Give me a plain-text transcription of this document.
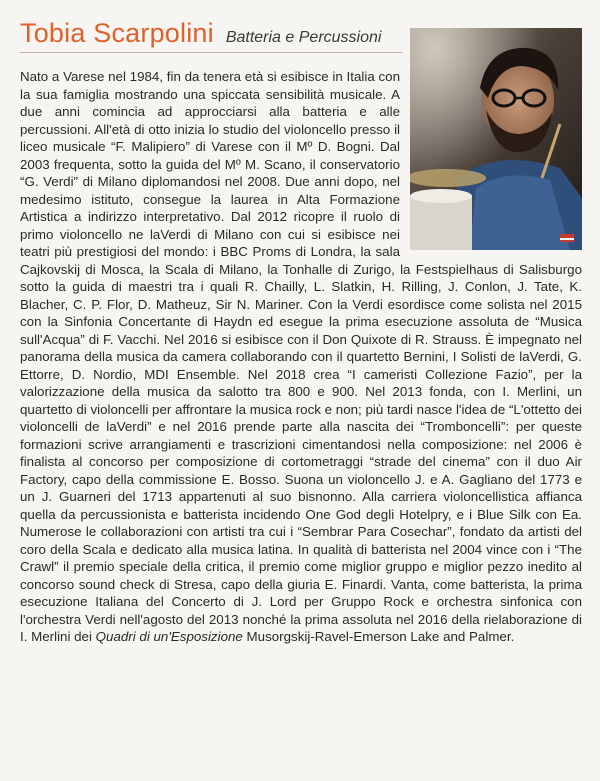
Tobia Scarpolini Batteria e Percussioni

Nato a Varese nel 1984, fin da tenera età si esibisce in Italia con la sua famiglia mostrando una spiccata sensibilità musicale. A due anni comincia ad approcciarsi alla batteria e alle percussioni. All'età di otto inizia lo studio del violoncello presso il liceo musicale “F. Malipiero” di Varese con il Mº D. Bogni. Dal 2003 frequenta, sotto la guida del Mº M. Scano, il conservatorio “G. Verdi” di Milano diplomandosi nel 2008. Due anni dopo, nel medesimo istituto, consegue la laurea in Alta Formazione Artistica a indirizzo interpretativo. Dal 2012 ricopre il ruolo di primo violoncello ne laVerdi di Milano con cui si esibisce nei teatri più prestigiosi del mondo: i BBC Proms di Londra, la sala Cajkovskij di Mosca, la Scala di Milano, la Tonhalle di Zurigo, la Festspielhaus di Salisburgo sotto la guida di maestri tra i quali R. Chailly, L. Slatkin, H. Rilling, J. Conlon, J. Tate, K. Blacher, C. P. Flor, D. Matheuz, Sir N. Mariner. Con la Verdi esordisce come solista nel 2015 con la Sinfonia Concertante di Haydn ed esegue la prima esecuzione assoluta de “Musica sull'Acqua” di F. Vacchi. Nel 2016 si esibisce con il Don Quixote di R. Strauss. È impegnato nel panorama della musica da camera collaborando con il quartetto Bernini, I Solisti de laVerdi, G. Ettorre, D. Nordio, MDI Ensemble. Nel 2018 crea “I cameristi Collezione Fazio”, per la valorizzazione della musica da salotto tra 800 e 900. Nel 2013 fonda, con I. Merlini, un quartetto di violoncelli per affrontare la musica rock e non; più tardi nasce l'idea de “L'ottetto dei violoncelli de laVerdi” e nel 2016 prende parte alla nascita dei “Tromboncelli”: per queste formazioni scrive arrangiamenti e trascrizioni cimentandosi nella composizione: nel 2006 è finalista al concorso per composizione di cortometraggi “strade del cinema” con il duo Air Factory, capo della commissione E. Bosso. Suona un violoncello J. e A. Gagliano del 1773 e un J. Guarneri del 1713 appartenuti al suo bisnonno. Alla carriera violoncellistica affianca quella da percussionista e batterista incidendo One God degli Hotelpry, e i Blue Silk con Ea. Numerose le collaborazioni con artisti tra cui i “Sembrar Para Cosechar”, fondato da artisti del coro della Scala e dedicato alla musica latina. In qualità di batterista nel 2004 vince con i “The Crawl” il premio speciale della critica, il premio come miglior gruppo e miglior pezzo inedito al concorso sound check di Stresa, capo della giuria E. Finardi. Vanta, come batterista, la prima esecuzione Italiana del Concerto di J. Lord per Gruppo Rock e orchestra sinfonica con l'orchestra Verdi nell'agosto del 2013 nonché la prima assoluta nel 2016 della rielaborazione di I. Merlini dei Quadri di un'Esposizione Musorgskij-Ravel-Emerson Lake and Palmer.
